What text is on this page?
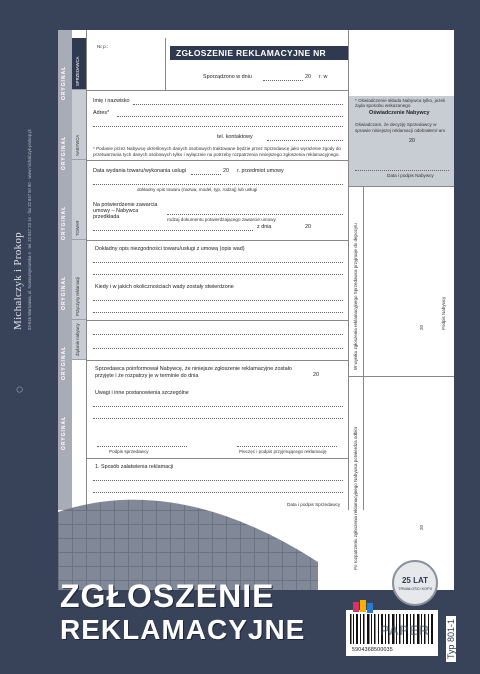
Michalczyk i Prokop 02-646 Warszawa, ul. Nowoursynowska 4 · tel. 22 847 23 14 · fax 22 847 50 80 · www.michalczyk-prokop.pl
◌
ORYGINAŁ
ORYGINAŁ
ORYGINAŁ
ORYGINAŁ
ORYGINAŁ
ORYGINAŁ
SPRZEDAWCA
NABYWCA
TOWAR
Przyczyny reklamacji
Żądanie nabywcy
Nr p.:
Sporządzono w dniu	20 r. w
Imię i nazwisko
Adres*
tel. kontaktowy
* Podanie przez Nabywcę określonych danych osobowych traktowane będzie przez Sprzedawcę jako wyrażenie zgody do przetwarzania tych danych osobowych tylko i wyłącznie na potrzeby rozpatrzenia niniejszego zgłoszenia reklamacyjnego.
Data wydania towaru/wykonania usługi	20 r. przedmiot umowy
dokładny opis towaru (nazwa, model, typ, rodzaj) lub usługi
Na potwierdzenie zawarcia umowy – Nabywca przedkłada	rodzaj dokumentu potwierdzającego zawarcie umowy
z dnia	20
Dokładny opis niezgodności towaru/usługi z umową (opis wad)
Kiedy i w jakich okolicznościach wady zostały stwierdzone
Sprzedawca poinformował Nabywcę, że niniejsze zgłoszenie reklamacyjne zostało przyjęte i że rozpatrzy je w terminie do dnia	20
Uwagi i inne postanowienia szczególne
Podpis sprzedawcy	Pieczęć i podpis przyjmującego reklamację
1. Sposób załatwienia reklamacji
Data i podpis Sprzedawcy
ZGŁOSZENIE REKLAMACYJNE NR
* Oświadczenie składa Nabywca tylko, jeżeli żąda sposobu wskazanego
Oświadczenie Nabywcy
Oświadczam, że decyzję Sprzedawcy w sprawie niniejszej reklamacji odebrałem/-am
20
Data i podpis Nabywcy
W wyniku zgłoszenia reklamacyjnego Sprzedawca przyjmuje do depozytu	20	Podpis Nabywcy
Po rozpatrzeniu zgłoszenia reklamacyjnego Nabywca potwierdza odbiór	20
ZGŁOSZENIE
REKLAMACYJNE
25 LAT
TRWAŁOŚCI KOPII
5904368500035
PAPER Typ 801-1
